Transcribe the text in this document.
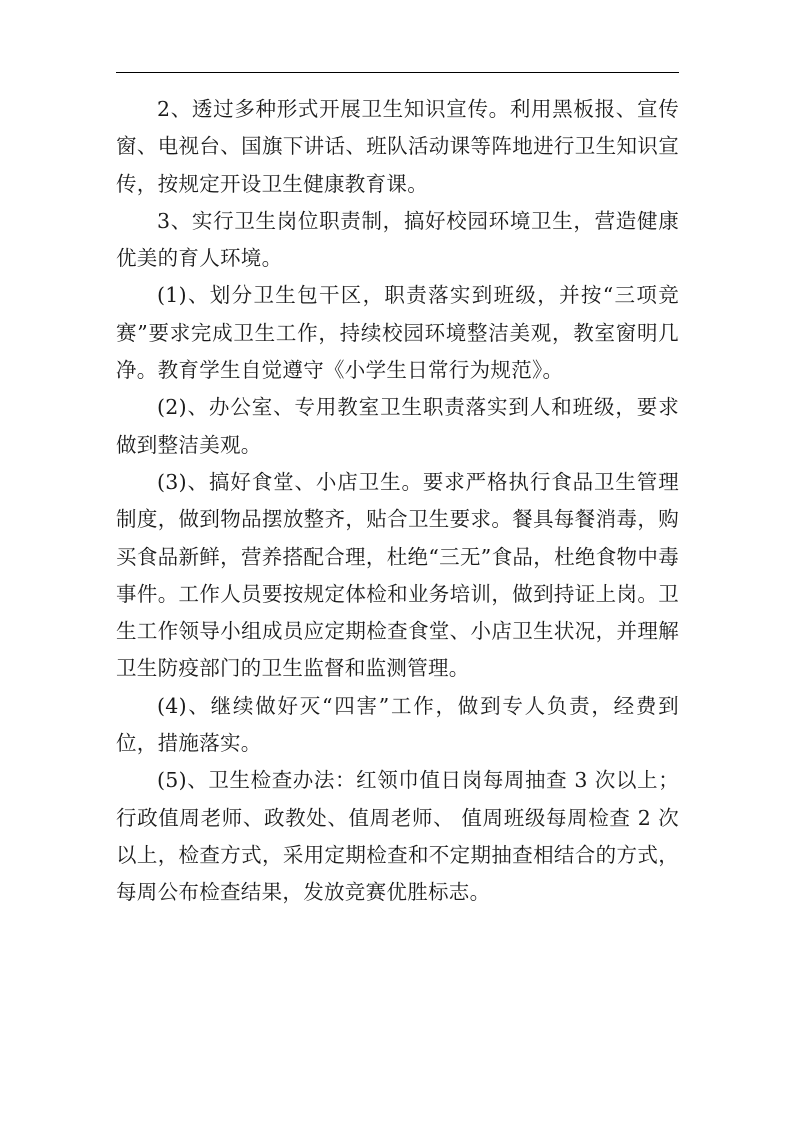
2、透过多种形式开展卫生知识宣传。利用黑板报、宣传窗、电视台、国旗下讲话、班队活动课等阵地进行卫生知识宣传，按规定开设卫生健康教育课。

3、实行卫生岗位职责制，搞好校园环境卫生，营造健康优美的育人环境。

(1)、划分卫生包干区，职责落实到班级，并按“三项竞赛”要求完成卫生工作，持续校园环境整洁美观，教室窗明几净。教育学生自觉遵守《小学生日常行为规范》。

(2)、办公室、专用教室卫生职责落实到人和班级，要求做到整洁美观。

(3)、搞好食堂、小店卫生。要求严格执行食品卫生管理制度，做到物品摆放整齐，贴合卫生要求。餐具每餐消毒，购买食品新鲜，营养搭配合理，杜绝“三无”食品，杜绝食物中毒事件。工作人员要按规定体检和业务培训，做到持证上岗。卫生工作领导小组成员应定期检查食堂、小店卫生状况，并理解卫生防疫部门的卫生监督和监测管理。

(4)、继续做好灭“四害”工作，做到专人负责，经费到位，措施落实。

(5)、卫生检查办法：红领巾值日岗每周抽查 3 次以上；行政值周老师、政教处、值周老师、 值周班级每周检查 2 次以上，检查方式，采用定期检查和不定期抽查相结合的方式，每周公布检查结果，发放竞赛优胜标志。
